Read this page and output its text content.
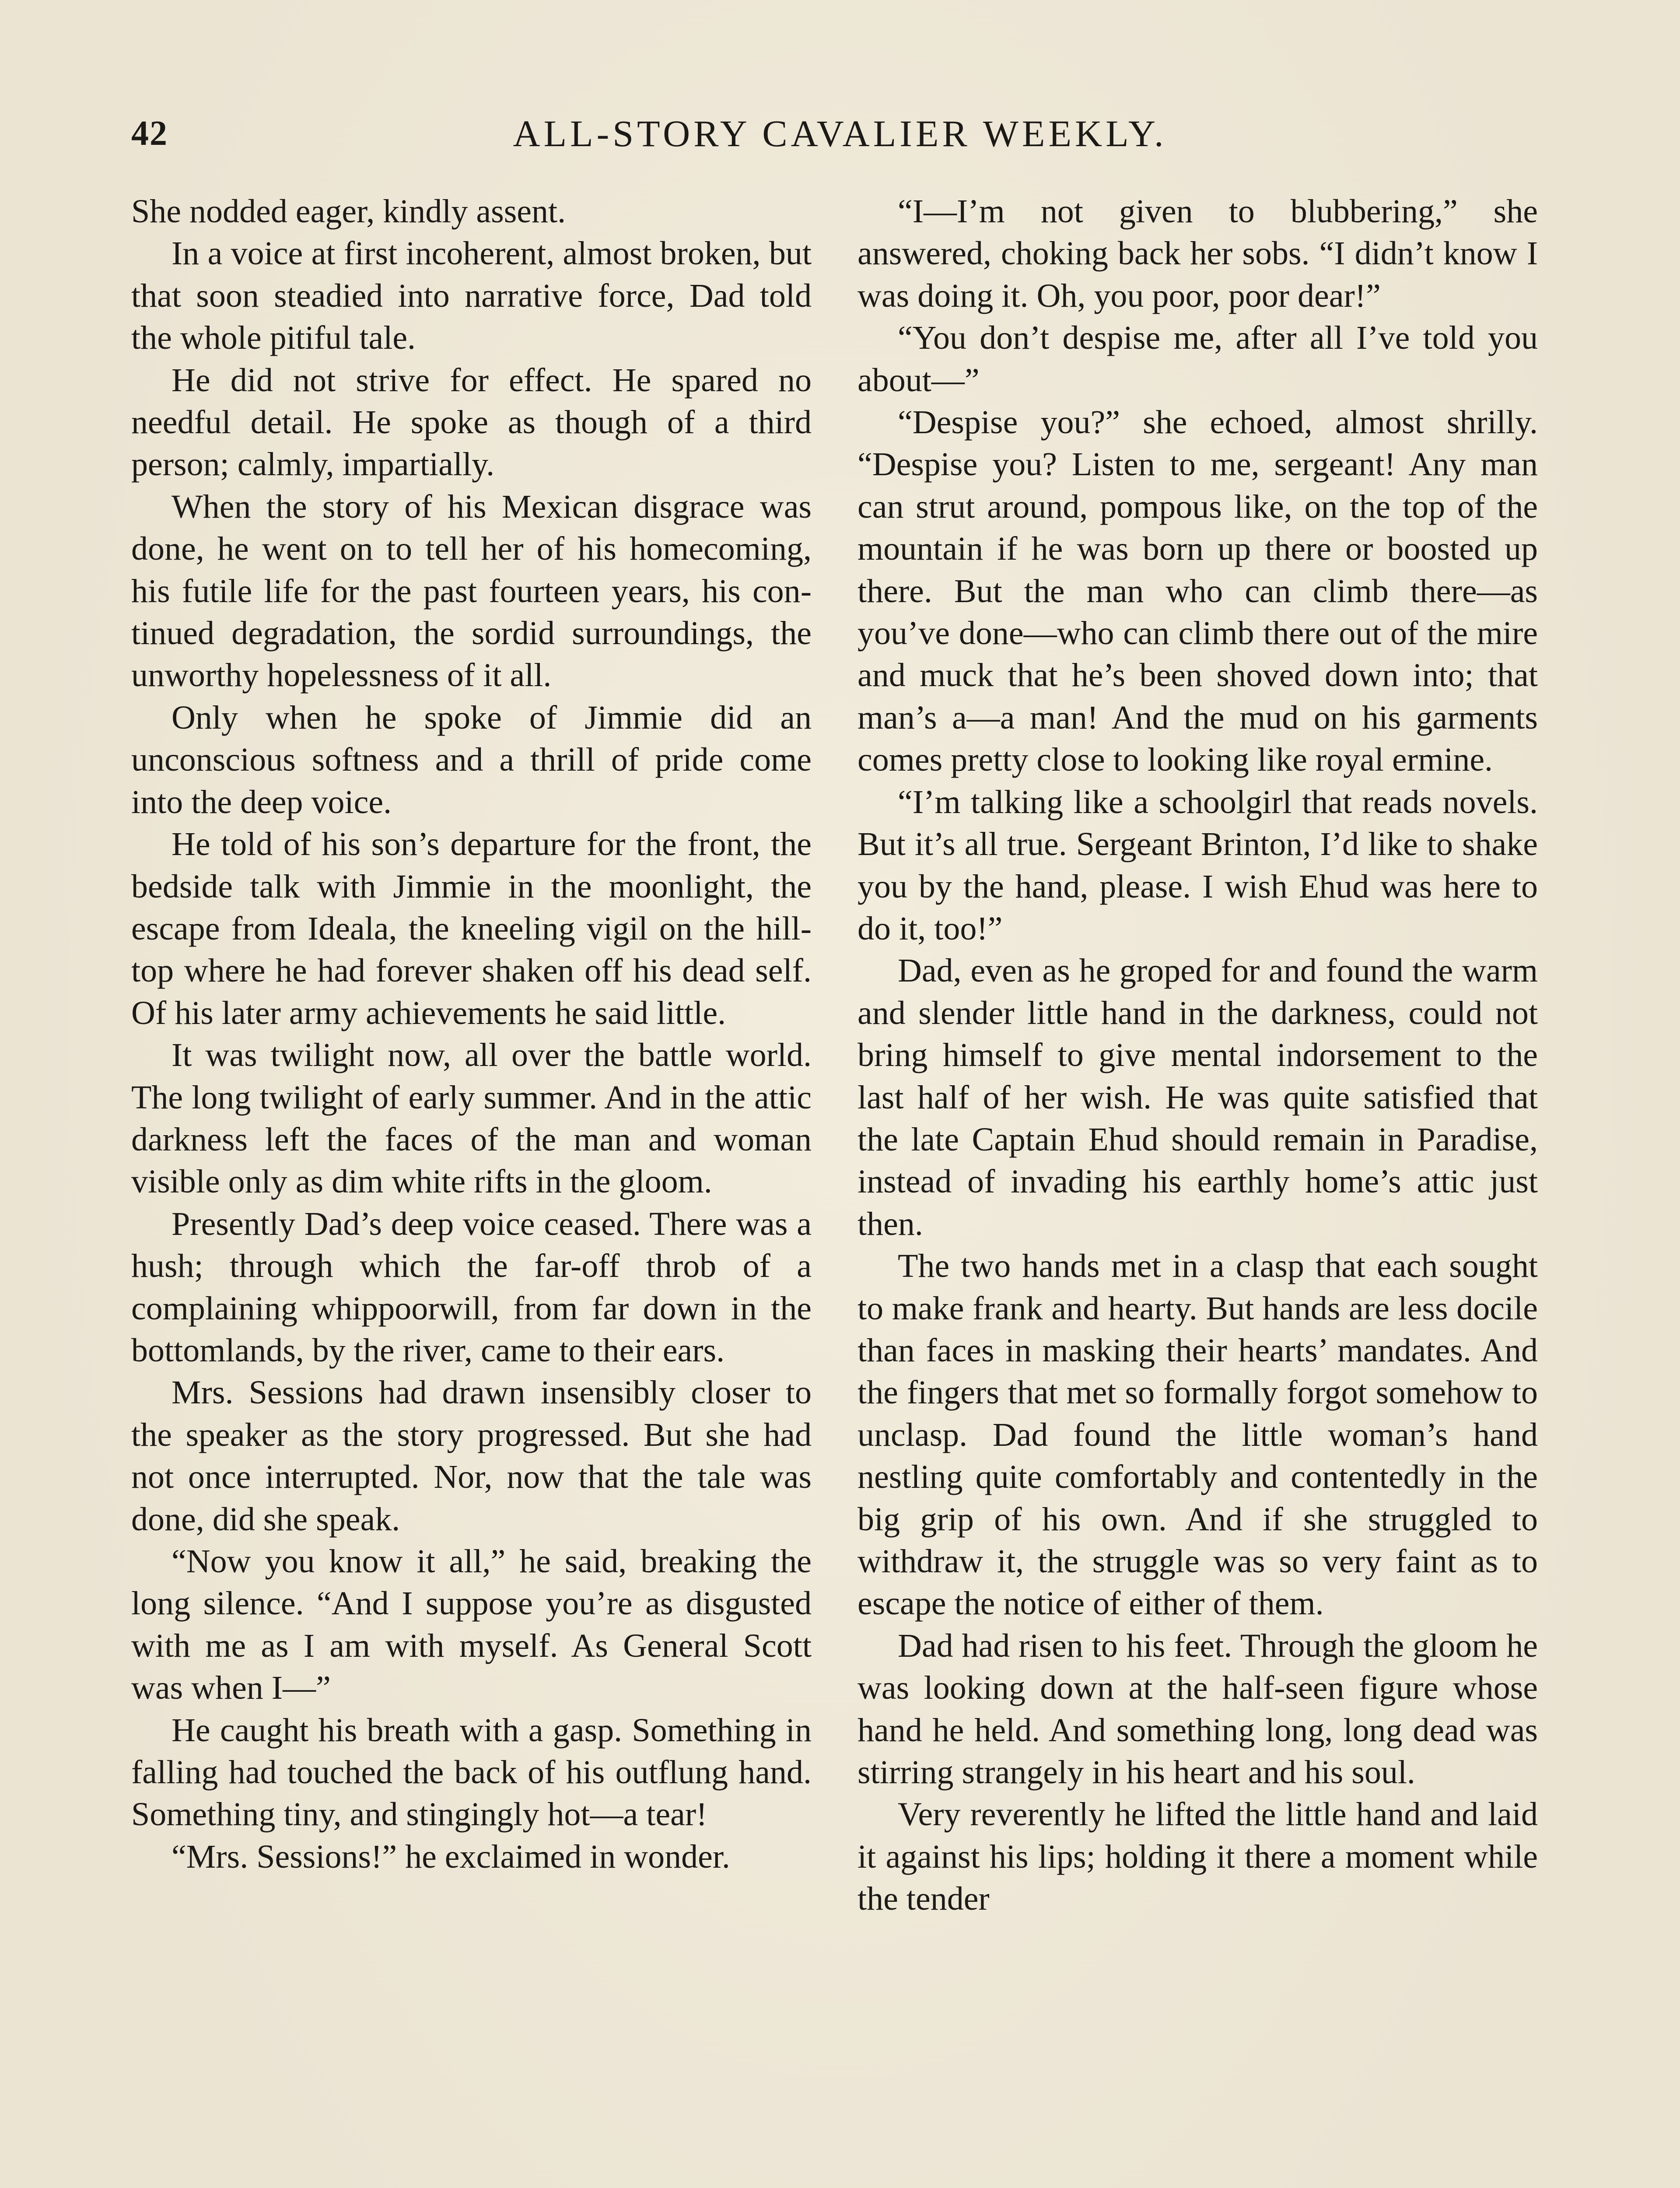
42	ALL-STORY CAVALIER WEEKLY.

She nodded eager, kindly assent.

In a voice at first incoherent, almost broken, but that soon steadied into narrative force, Dad told the whole pitiful tale.

He did not strive for effect. He spared no needful detail. He spoke as though of a third person; calmly, impartially.

When the story of his Mexican disgrace was done, he went on to tell her of his homecoming, his futile life for the past fourteen years, his continued degradation, the sordid surroundings, the unworthy hopelessness of it all.

Only when he spoke of Jimmie did an unconscious softness and a thrill of pride come into the deep voice.

He told of his son’s departure for the front, the bedside talk with Jimmie in the moonlight, the escape from Ideala, the kneeling vigil on the hilltop where he had forever shaken off his dead self. Of his later army achievements he said little.

It was twilight now, all over the battle world. The long twilight of early summer. And in the attic darkness left the faces of the man and woman visible only as dim white rifts in the gloom.

Presently Dad’s deep voice ceased. There was a hush; through which the far-off throb of a complaining whippoorwill, from far down in the bottomlands, by the river, came to their ears.

Mrs. Sessions had drawn insensibly closer to the speaker as the story progressed. But she had not once interrupted. Nor, now that the tale was done, did she speak.

“Now you know it all,” he said, breaking the long silence. “And I suppose you’re as disgusted with me as I am with myself. As General Scott was when I—”

He caught his breath with a gasp. Something in falling had touched the back of his outflung hand. Something tiny, and stingingly hot—a tear!

“Mrs. Sessions!” he exclaimed in wonder.

“I—I’m not given to blubbering,” she answered, choking back her sobs. “I didn’t know I was doing it. Oh, you poor, poor dear!”

“You don’t despise me, after all I’ve told you about—”

“Despise you?” she echoed, almost shrilly. “Despise you? Listen to me, sergeant! Any man can strut around, pompous like, on the top of the mountain if he was born up there or boosted up there. But the man who can climb there—as you’ve done—who can climb there out of the mire and muck that he’s been shoved down into; that man’s a—a man! And the mud on his garments comes pretty close to looking like royal ermine.

“I’m talking like a schoolgirl that reads novels. But it’s all true. Sergeant Brinton, I’d like to shake you by the hand, please. I wish Ehud was here to do it, too!”

Dad, even as he groped for and found the warm and slender little hand in the darkness, could not bring himself to give mental indorsement to the last half of her wish. He was quite satisfied that the late Captain Ehud should remain in Paradise, instead of invading his earthly home’s attic just then.

The two hands met in a clasp that each sought to make frank and hearty. But hands are less docile than faces in masking their hearts’ mandates. And the fingers that met so formally forgot somehow to unclasp. Dad found the little woman’s hand nestling quite comfortably and contentedly in the big grip of his own. And if she struggled to withdraw it, the struggle was so very faint as to escape the notice of either of them.

Dad had risen to his feet. Through the gloom he was looking down at the half-seen figure whose hand he held. And something long, long dead was stirring strangely in his heart and his soul.

Very reverently he lifted the little hand and laid it against his lips; holding it there a moment while the tender
